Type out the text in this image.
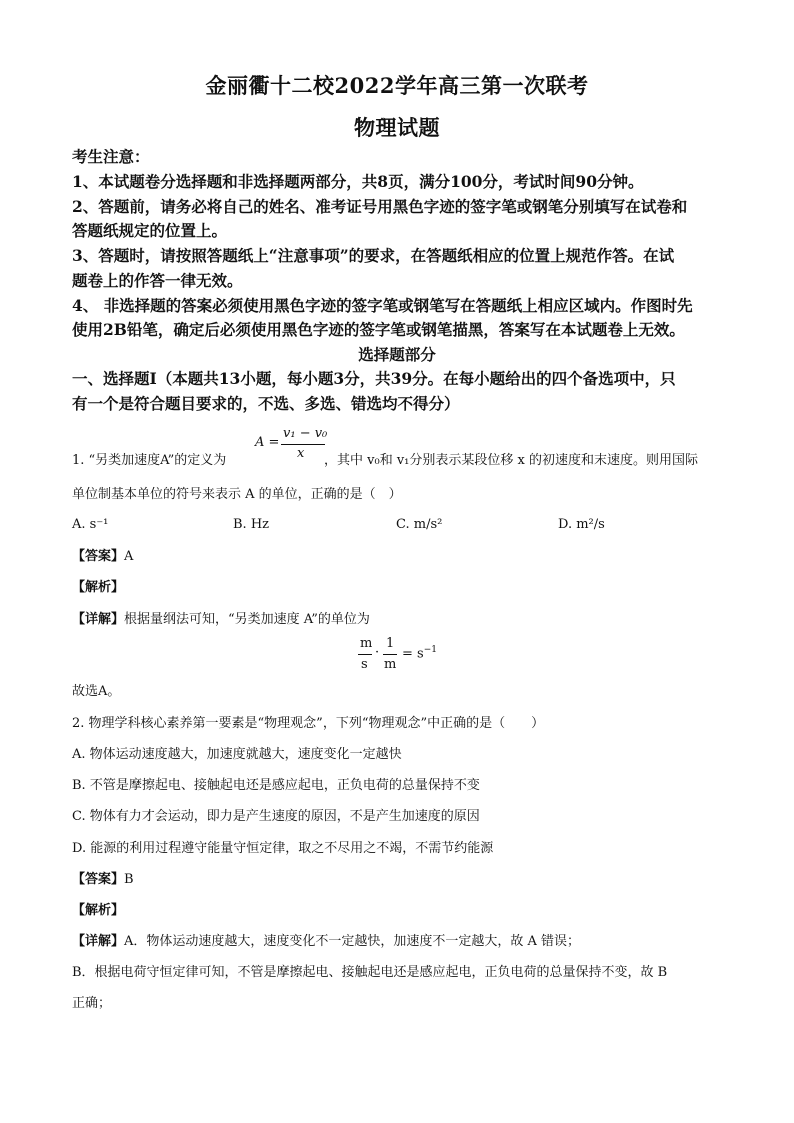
金丽衢十二校2022学年高三第一次联考
物理试题
考生注意：
1、本试题卷分选择题和非选择题两部分，共8页，满分100分，考试时间90分钟。
2、答题前，请务必将自己的姓名、准考证号用黑色字迹的签字笔或钢笔分别填写在试卷和
答题纸规定的位置上。
3、答题时，请按照答题纸上“注意事项”的要求，在答题纸相应的位置上规范作答。在试
题卷上的作答一律无效。
4、 非选择题的答案必须使用黑色字迹的签字笔或钢笔写在答题纸上相应区域内。作图时先
使用2B铅笔，确定后必须使用黑色字迹的签字笔或钢笔描黑，答案写在本试题卷上无效。
选择题部分
一、选择题Ⅰ（本题共13小题，每小题3分，共39分。在每小题给出的四个备选项中，只
有一个是符合题目要求的，不选、多选、错选均不得分）
1. “另类加速度A”的定义为
A =
v₁ − v₀
x ，其中 v₀和 v₁分别表示某段位移 x 的初速度和末速度。则用国际
单位制基本单位的符号来表示 A 的单位，正确的是（　）
A. s⁻¹	B. Hz	C. m/s²	D. m²/s
【答案】A
【解析】
【详解】根据量纲法可知，“另类加速度 A”的单位为
m
s
·
1
m
= $s^{-1}$
故选A。
2. 物理学科核心素养第一要素是“物理观念”，下列“物理观念”中正确的是（　　）
A. 物体运动速度越大，加速度就越大，速度变化一定越快
B. 不管是摩擦起电、接触起电还是感应起电，正负电荷的总量保持不变
C. 物体有力才会运动，即力是产生速度的原因，不是产生加速度的原因
D. 能源的利用过程遵守能量守恒定律，取之不尽用之不竭，不需节约能源
【答案】B
【解析】
【详解】A．物体运动速度越大，速度变化不一定越快，加速度不一定越大，故 A 错误；
B．根据电荷守恒定律可知，不管是摩擦起电、接触起电还是感应起电，正负电荷的总量保持不变，故 B
正确；
